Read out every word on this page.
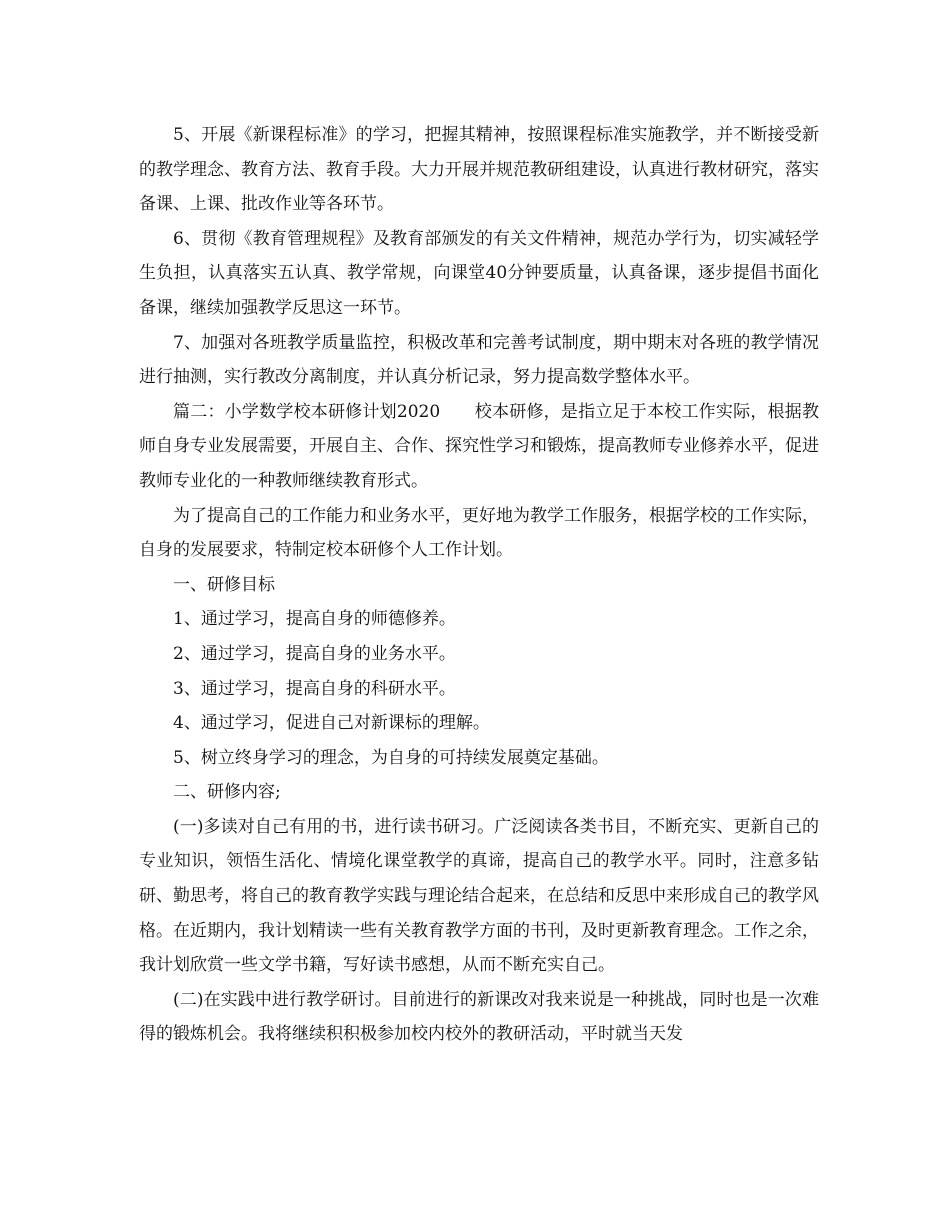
5、开展《新课程标准》的学习，把握其精神，按照课程标准实施教学，并不断接受新的教学理念、教育方法、教育手段。大力开展并规范教研组建设，认真进行教材研究，落实备课、上课、批改作业等各环节。

6、贯彻《教育管理规程》及教育部颁发的有关文件精神，规范办学行为，切实减轻学生负担，认真落实五认真、教学常规，向课堂40分钟要质量，认真备课，逐步提倡书面化备课，继续加强教学反思这一环节。

7、加强对各班教学质量监控，积极改革和完善考试制度，期中期末对各班的教学情况进行抽测，实行教改分离制度，并认真分析记录，努力提高数学整体水平。

篇二：小学数学校本研修计划2020　　校本研修，是指立足于本校工作实际，根据教师自身专业发展需要，开展自主、合作、探究性学习和锻炼，提高教师专业修养水平，促进教师专业化的一种教师继续教育形式。

为了提高自己的工作能力和业务水平，更好地为教学工作服务，根据学校的工作实际，自身的发展要求，特制定校本研修个人工作计划。

一、研修目标

1、通过学习，提高自身的师德修养。

2、通过学习，提高自身的业务水平。

3、通过学习，提高自身的科研水平。

4、通过学习，促进自己对新课标的理解。

5、树立终身学习的理念，为自身的可持续发展奠定基础。

二、研修内容;

(一)多读对自己有用的书，进行读书研习。广泛阅读各类书目，不断充实、更新自己的专业知识，领悟生活化、情境化课堂教学的真谛，提高自己的教学水平。同时，注意多钻研、勤思考，将自己的教育教学实践与理论结合起来，在总结和反思中来形成自己的教学风格。在近期内，我计划精读一些有关教育教学方面的书刊，及时更新教育理念。工作之余，我计划欣赏一些文学书籍，写好读书感想，从而不断充实自己。

(二)在实践中进行教学研讨。目前进行的新课改对我来说是一种挑战，同时也是一次难得的锻炼机会。我将继续积积极参加校内校外的教研活动，平时就当天发
